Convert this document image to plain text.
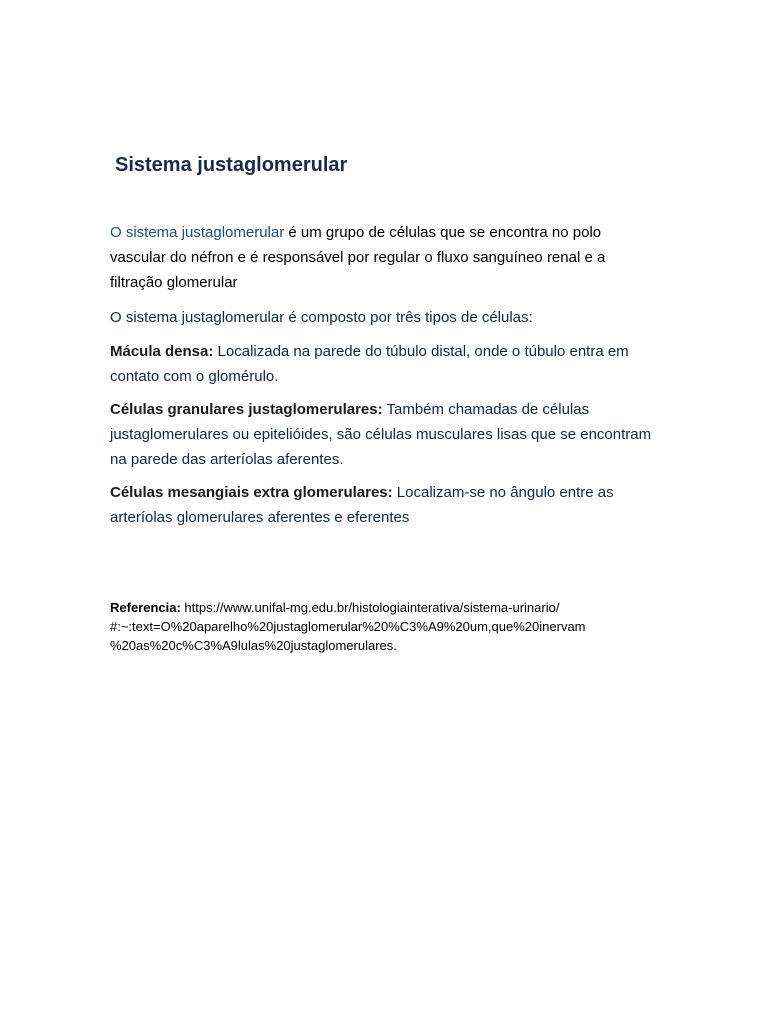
Sistema justaglomerular

O sistema justaglomerular é um grupo de células que se encontra no polo
vascular do néfron e é responsável por regular o fluxo sanguíneo renal e a
filtração glomerular

O sistema justaglomerular é composto por três tipos de células:

Mácula densa: Localizada na parede do túbulo distal, onde o túbulo entra em contato com o glomérulo.

Células granulares justaglomerulares: Também chamadas de células justaglomerulares ou epitelióides, são células musculares lisas que se encontram na parede das arteríolas aferentes.

Células mesangiais extra glomerulares: Localizam-se no ângulo entre as arteríolas glomerulares aferentes e eferentes

Referencia: https://www.unifal-mg.edu.br/histologiainterativa/sistema-urinario/
#:~:text=O%20aparelho%20justaglomerular%20%C3%A9%20um,que%20inervam
%20as%20c%C3%A9lulas%20justaglomerulares.
